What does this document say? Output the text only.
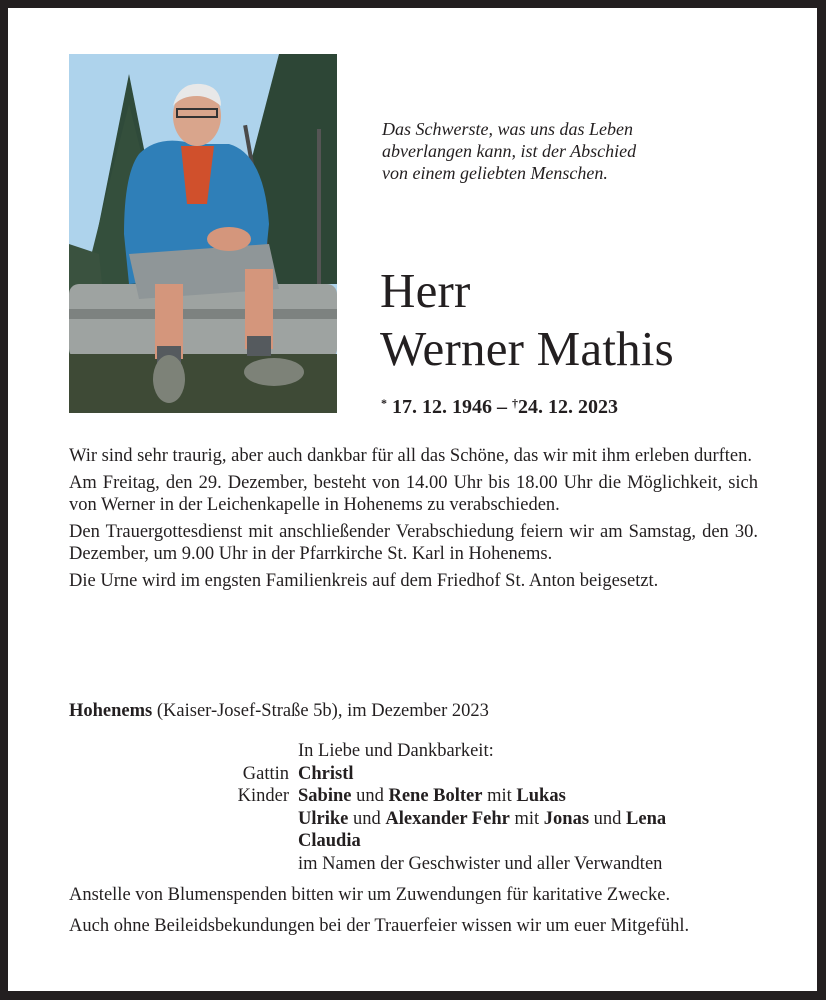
Das Schwerste, was uns das Leben
abverlangen kann, ist der Abschied
von einem geliebten Menschen.
Herr
Werner Mathis
* 17. 12. 1946 – †24. 12. 2023

Wir sind sehr traurig, aber auch dankbar für all das Schöne, das wir mit ihm erleben durften.

Am Freitag, den 29. Dezember, besteht von 14.00 Uhr bis 18.00 Uhr die Möglichkeit, sich von Werner in der Leichenkapelle in Hohenems zu verabschieden.

Den Trauergottesdienst mit anschließender Verabschiedung feiern wir am Samstag, den 30. Dezember, um 9.00 Uhr in der Pfarrkirche St. Karl in Hohenems.

Die Urne wird im engsten Familienkreis auf dem Friedhof St. Anton beigesetzt.

Hohenems (Kaiser-Josef-Straße 5b), im Dezember 2023
In Liebe und Dankbarkeit:
Gattin Christl
Kinder Sabine und Rene Bolter mit Lukas
Ulrike und Alexander Fehr mit Jonas und Lena
Claudia
im Namen der Geschwister und aller Verwandten

Anstelle von Blumenspenden bitten wir um Zuwendungen für karitative Zwecke.

Auch ohne Beileidsbekundungen bei der Trauerfeier wissen wir um euer Mitgefühl.
